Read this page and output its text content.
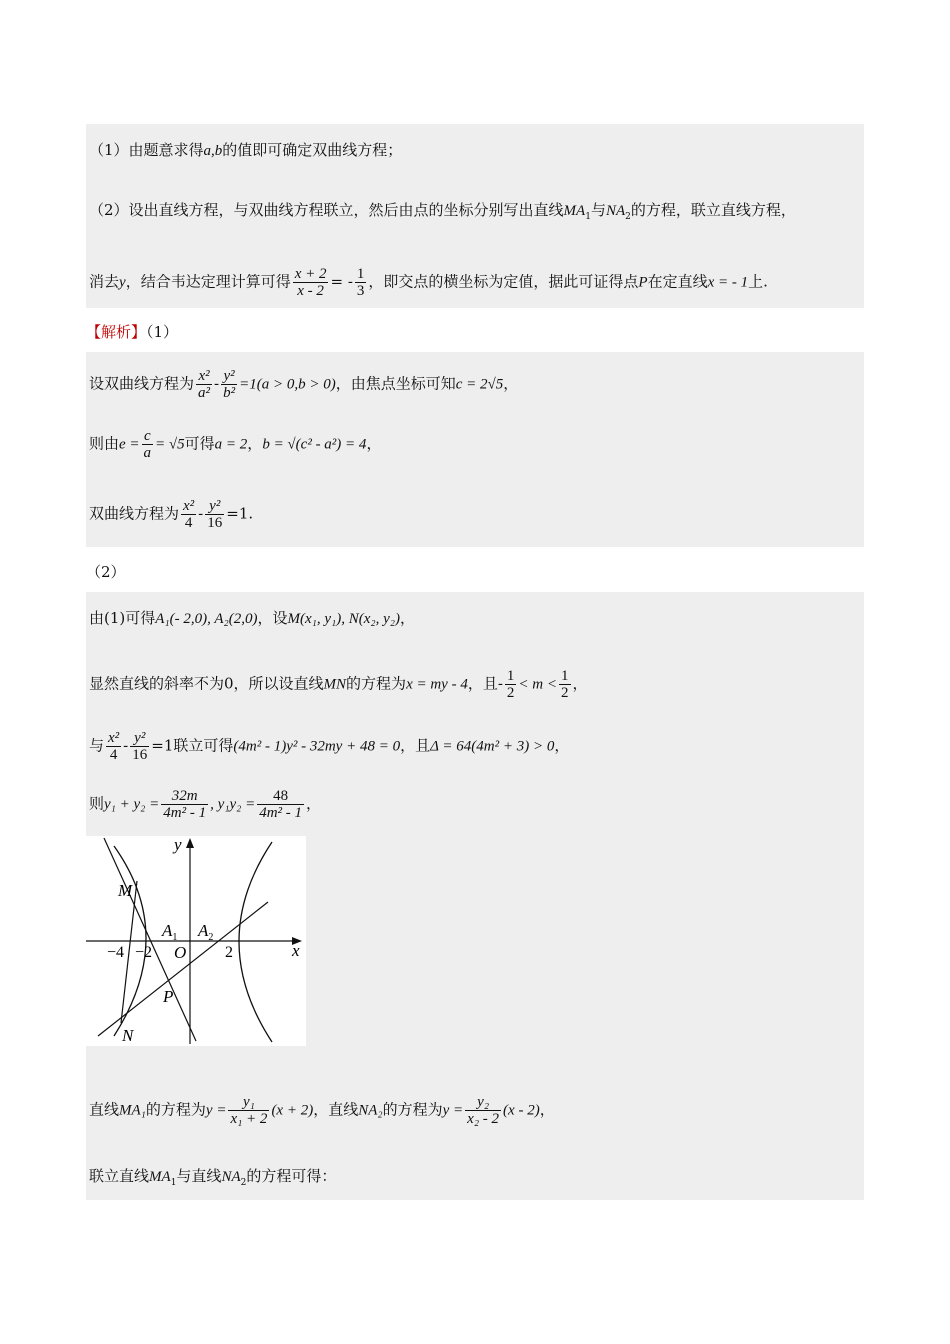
（1）由题意求得a,b的值即可确定双曲线方程；
（2）设出直线方程，与双曲线方程联立，然后由点的坐标分别写出直线$MA_1$与$NA_2$的方程，联立直线方程，
消去y，结合韦达定理计算可得 $\frac{x + 2}{x - 2}$ = - $\frac{1}{3}$ ，即交点的横坐标为定值，据此可证得点P在定直线x = - 1上.
【解析】（1）
设双曲线方程为 $\frac{\text{x²}}{\text{a²}} - \frac{\text{y²}}{\text{b²}} =1(a > 0,b > 0)$，由焦点坐标可知c = 2√5，
则由$e = \frac{c}{a} = √5$可得a = 2，b = √(c² - a²) = 4，
双曲线方程为 $\frac{\text{x²}}{4} - \frac{\text{y²}}{16} =1$.
（2）
由(1)可得A₁(- 2,0), A₂(2,0)，设M(x₁, y₁), N(x₂, y₂)，
显然直线的斜率不为0，所以设直线MN的方程为x = my - 4，且- $\frac{1}{2} < m < \frac{1}{2}$ ，
与 $\frac{\text{x²}}{4} - \frac{\text{y²}}{16} =1$联立可得(4m² - 1)y² - 32my + 48 = 0，且Δ = 64(4m² + 3) > 0，
则$y_1 + y_2 = \frac{32m}{\text{4m² - 1}}$ , $y_1y_2 = \frac{48}{\text{4m² - 1}}$ ，
y
x
M
N
P
O
$A_1$ $A_2$
−4 −2	2
直线MA₁的方程为$y = \frac{\text{y₁}}{\text{x₁ + 2}} (x + 2)$，直线NA₂的方程为$y = \frac{\text{y₂}}{\text{x₂ - 2}} (x - 2)$，
联立直线$MA_1$与直线$NA_2$的方程可得：
